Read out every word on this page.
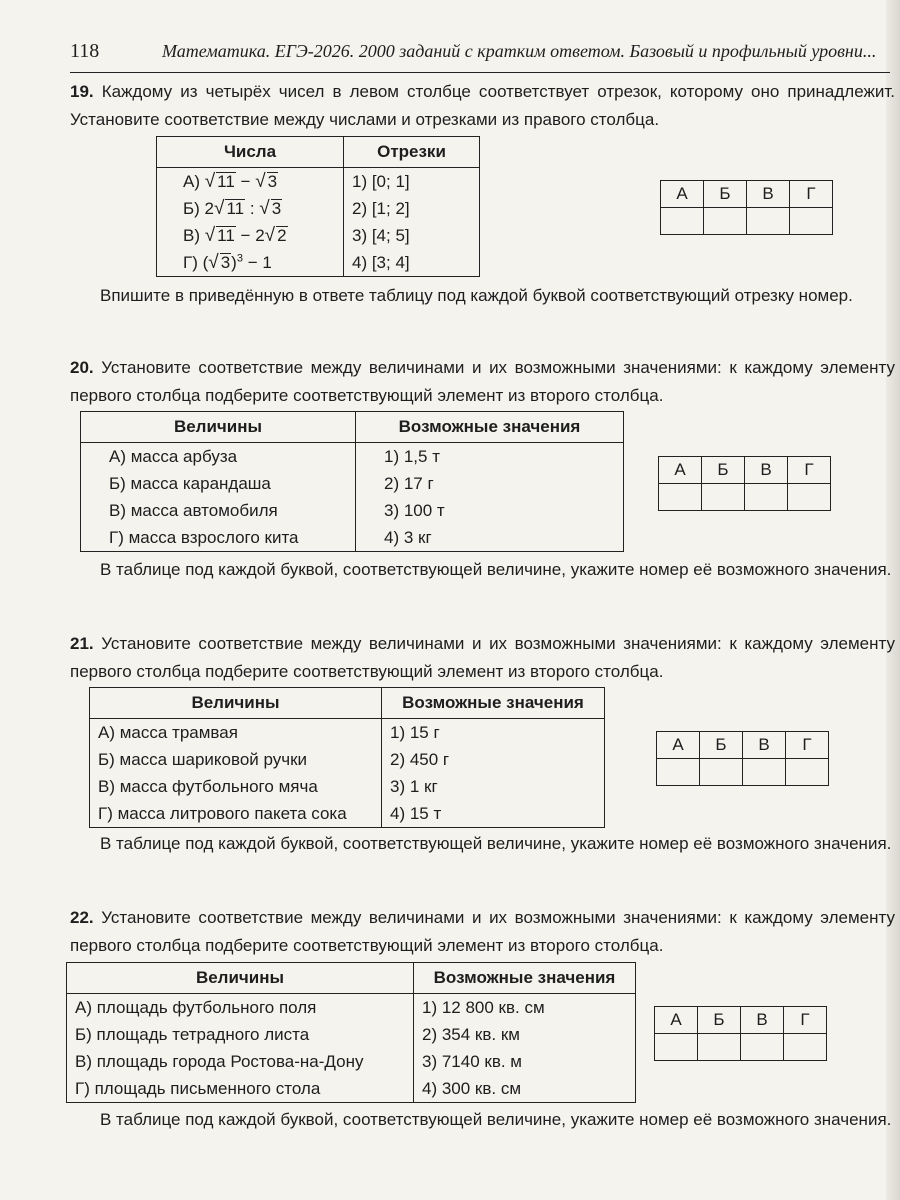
118	Математика. ЕГЭ-2026. 2000 заданий с кратким ответом. Базовый и профильный уровни...

19. Каждому из четырёх чисел в левом столбце соответствует отрезок, которому оно принадлежит. Установите соответствие между числами и отрезками из правого столбца.

Числа	Отрезки
А) √ 11 − √ 3	1) [0; 1]
Б) 2√ 11 : √ 3	2) [1; 2]
В) √ 11 − 2√ 2	3) [4; 5]
Г) (√ 3)$^3$ − 1	4) [3; 4]
А	Б	В	Г

Впишите в приведённую в ответе таблицу под каждой буквой соответствующий отрезку номер.

20. Установите соответствие между величинами и их возможными значениями: к каждому элементу первого столбца подберите соответствующий элемент из второго столбца.

Величины	Возможные значения
А) масса арбуза	1) 1,5 т
Б) масса карандаша	2) 17 г
В) масса автомобиля	3) 100 т
Г) масса взрослого кита	4) 3 кг
А	Б	В	Г

В таблице под каждой буквой, соответствующей величине, укажите номер её возможного значения.

21. Установите соответствие между величинами и их возможными значениями: к каждому элементу первого столбца подберите соответствующий элемент из второго столбца.

Величины	Возможные значения
А) масса трамвая	1) 15 г
Б) масса шариковой ручки	2) 450 г
В) масса футбольного мяча	3) 1 кг
Г) масса литрового пакета сока	4) 15 т
А	Б	В	Г

В таблице под каждой буквой, соответствующей величине, укажите номер её возможного значения.

22. Установите соответствие между величинами и их возможными значениями: к каждому элементу первого столбца подберите соответствующий элемент из второго столбца.

Величины	Возможные значения
А) площадь футбольного поля	1) 12 800 кв. см
Б) площадь тетрадного листа	2) 354 кв. км
В) площадь города Ростова-на-Дону	3) 7140 кв. м
Г) площадь письменного стола	4) 300 кв. см
А	Б	В	Г

В таблице под каждой буквой, соответствующей величине, укажите номер её возможного значения.
